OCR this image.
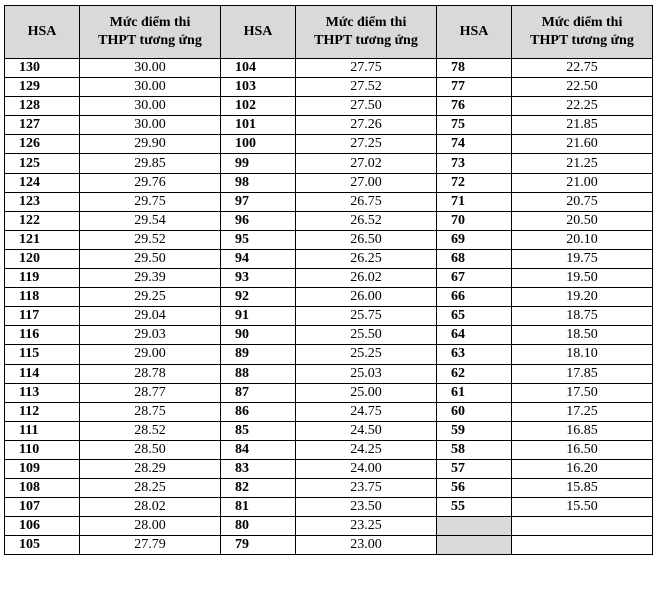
HSA	Mức điểm thi
THPT tương ứng	HSA	Mức điểm thi
THPT tương ứng	HSA	Mức điểm thi
THPT tương ứng

130	30.00	104	27.75	78	22.75
129	30.00	103	27.52	77	22.50
128	30.00	102	27.50	76	22.25
127	30.00	101	27.26	75	21.85
126	29.90	100	27.25	74	21.60
125	29.85	99	27.02	73	21.25
124	29.76	98	27.00	72	21.00
123	29.75	97	26.75	71	20.75
122	29.54	96	26.52	70	20.50
121	29.52	95	26.50	69	20.10
120	29.50	94	26.25	68	19.75
119	29.39	93	26.02	67	19.50
118	29.25	92	26.00	66	19.20
117	29.04	91	25.75	65	18.75
116	29.03	90	25.50	64	18.50
115	29.00	89	25.25	63	18.10
114	28.78	88	25.03	62	17.85
113	28.77	87	25.00	61	17.50
112	28.75	86	24.75	60	17.25
111	28.52	85	24.50	59	16.85
110	28.50	84	24.25	58	16.50
109	28.29	83	24.00	57	16.20
108	28.25	82	23.75	56	15.85
107	28.02	81	23.50	55	15.50
106	28.00	80	23.25		
105	27.79	79	23.00		
